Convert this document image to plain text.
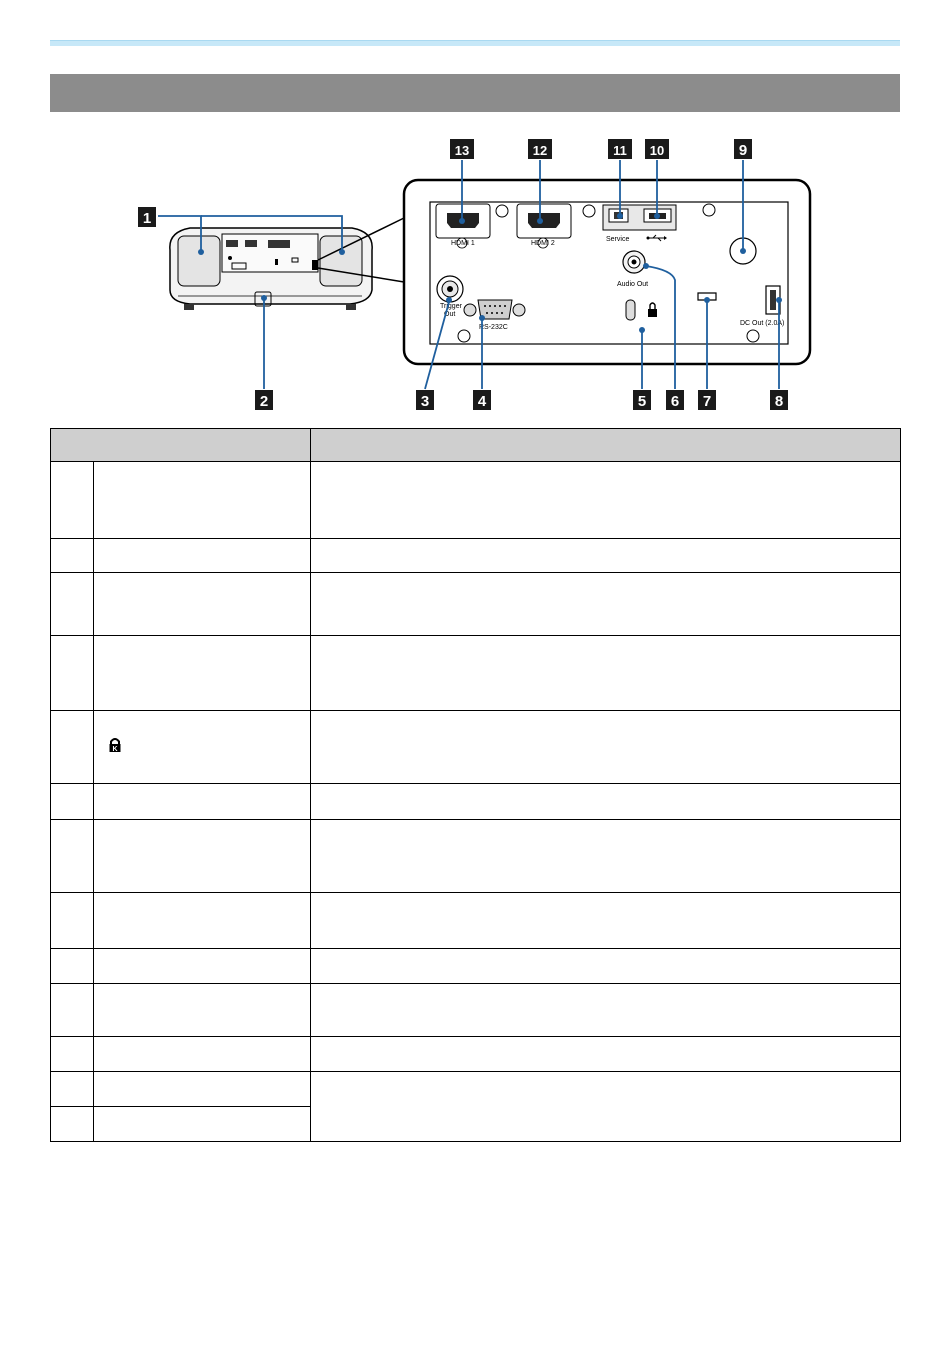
HDMI 1	HDMI 2
Service
Audio Out
Trigger
Out
RS-232C
DC Out (2.0A)
1
2	3	4	5 6 7	8
9
10
11
12
13

K	
